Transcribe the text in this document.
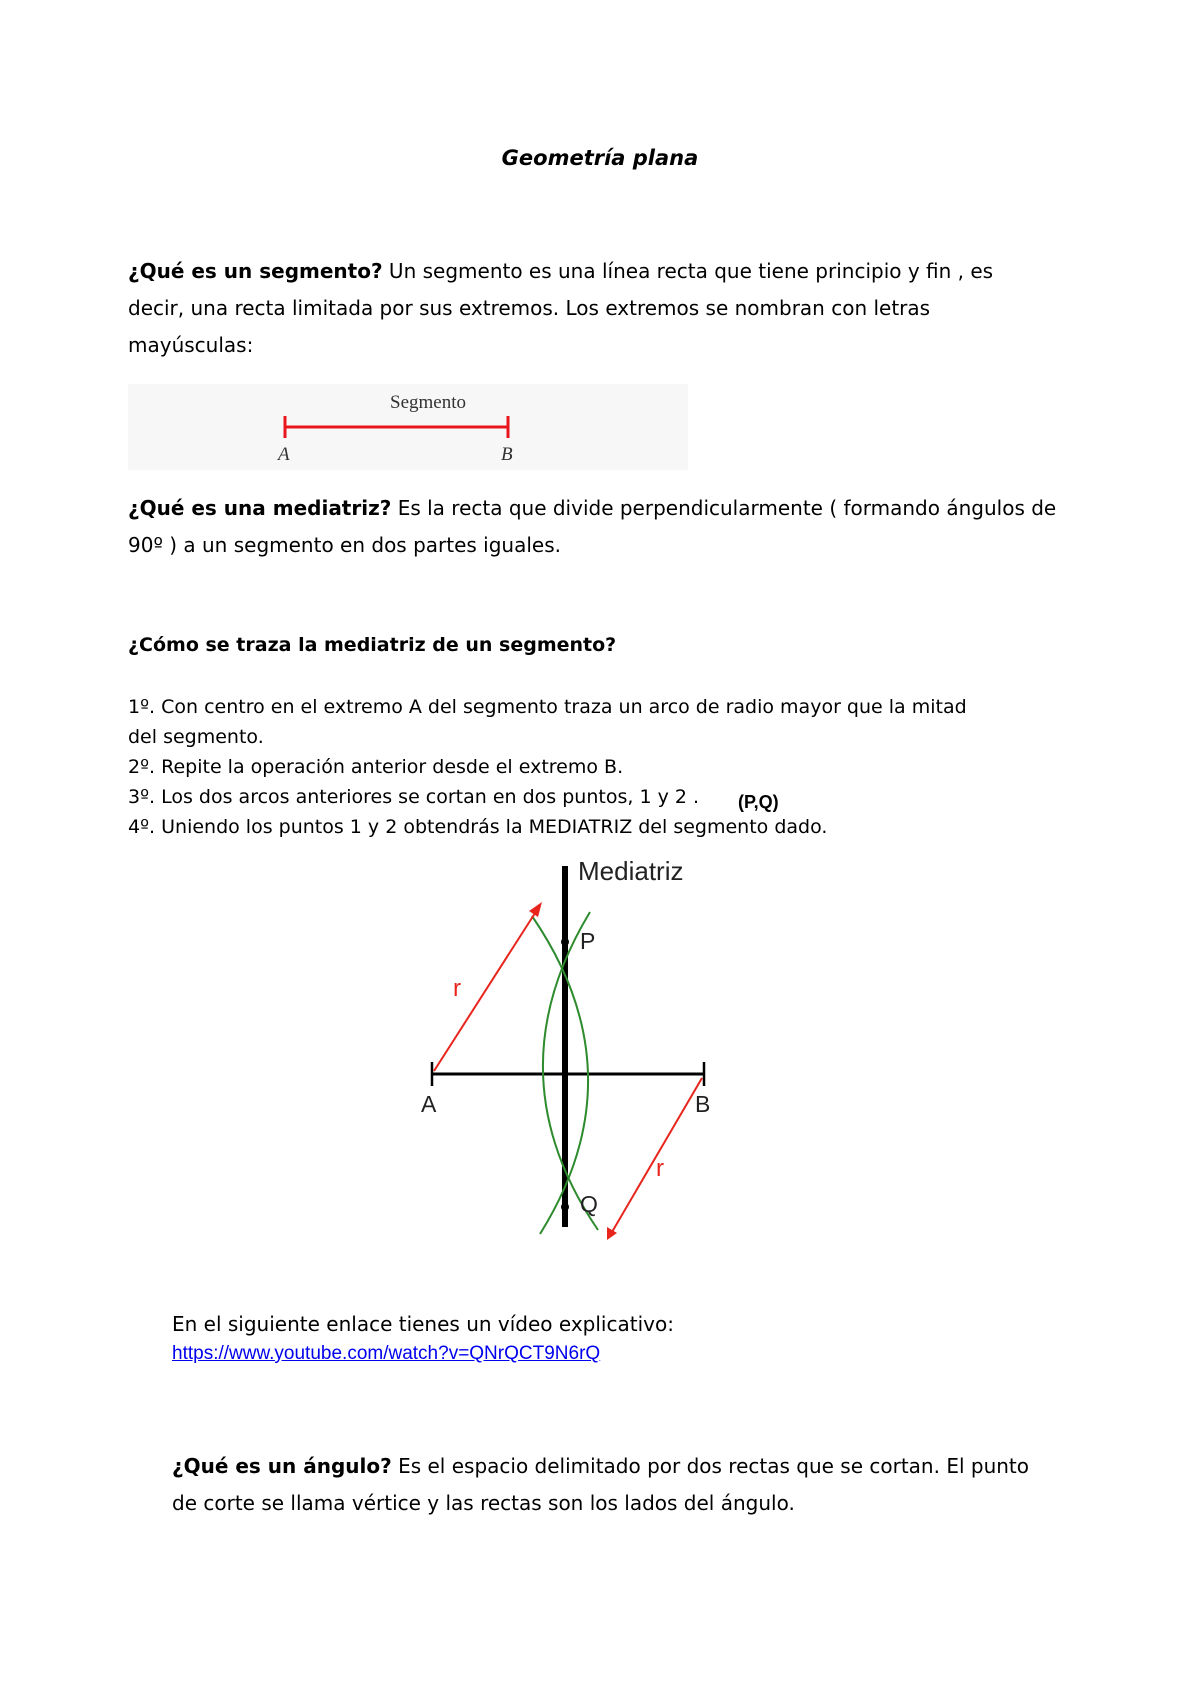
Geometría plana
¿Qué es un segmento? Un segmento es una línea recta que tiene principio y fin , es decir, una recta limitada por sus extremos. Los extremos se nombran con letras mayúsculas:
Segmento
A	B
¿Qué es una mediatriz? Es la recta que divide perpendicularmente ( formando ángulos de 90º ) a un segmento en dos partes iguales.
¿Cómo se traza la mediatriz de un segmento?
1º. Con centro en el extremo A del segmento traza un arco de radio mayor que la mitad
del segmento.
2º. Repite la operación anterior desde el extremo B.
3º. Los dos arcos anteriores se cortan en dos puntos, 1 y 2 .
4º. Uniendo los puntos 1 y 2 obtendrás la MEDIATRIZ del segmento dado.
(P,Q)
Mediatriz
P
Q
A	B
r
r
En el siguiente enlace tienes un vídeo explicativo:
https://www.youtube.com/watch?v=QNrQCT9N6rQ
¿Qué es un ángulo? Es el espacio delimitado por dos rectas que se cortan. El punto de corte se llama vértice y las rectas son los lados del ángulo.
